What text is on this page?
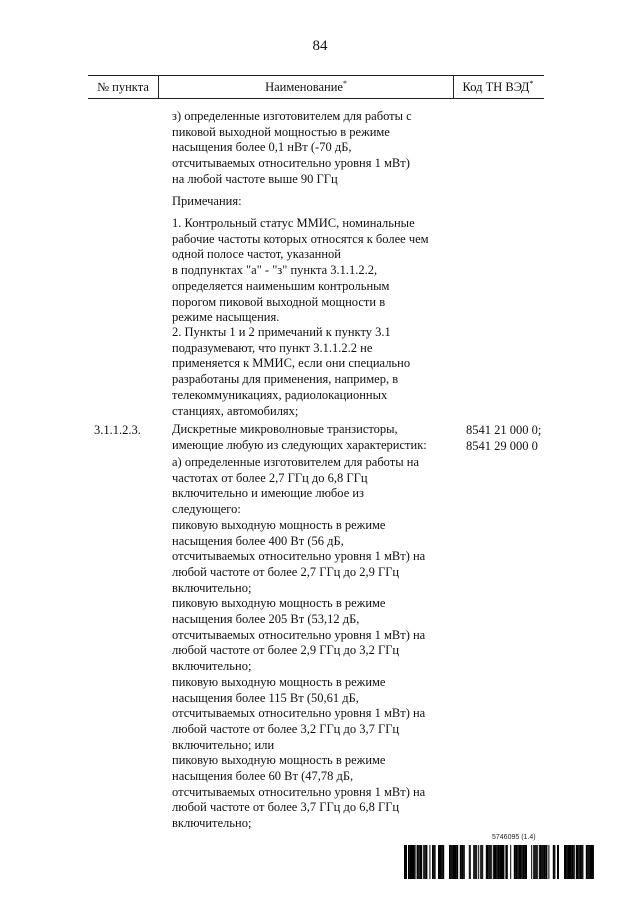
84
№ пункта	Наименование*	Код ТН ВЭД*
з) определенные изготовителем для работы с
пиковой выходной мощностью в режиме
насыщения более 0,1 нВт (-70 дБ,
отсчитываемых относительно уровня 1 мВт)
на любой частоте выше 90 ГГц
Примечания:
1. Контрольный статус ММИС, номинальные
рабочие частоты которых относятся к более чем
одной полосе частот, указанной
в подпунктах "а" - "з" пункта 3.1.1.2.2,
определяется наименьшим контрольным
порогом пиковой выходной мощности в
режиме насыщения.
2. Пункты 1 и 2 примечаний к пункту 3.1
подразумевают, что пункт 3.1.1.2.2 не
применяется к ММИС, если они специально
разработаны для применения, например, в
телекоммуникациях, радиолокационных
станциях, автомобилях;
3.1.1.2.3. Дискретные микроволновые транзисторы,
имеющие любую из следующих характеристик:
8541 21 000 0;
8541 29 000 0
а) определенные изготовителем для работы на
частотах от более 2,7 ГГц до 6,8 ГГц
включительно и имеющие любое из
следующего:
пиковую выходную мощность в режиме
насыщения более 400 Вт (56 дБ,
отсчитываемых относительно уровня 1 мВт) на
любой частоте от более 2,7 ГГц до 2,9 ГГц
включительно;
пиковую выходную мощность в режиме
насыщения более 205 Вт (53,12 дБ,
отсчитываемых относительно уровня 1 мВт) на
любой частоте от более 2,9 ГГц до 3,2 ГГц
включительно;
пиковую выходную мощность в режиме
насыщения более 115 Вт (50,61 дБ,
отсчитываемых относительно уровня 1 мВт) на
любой частоте от более 3,2 ГГц до 3,7 ГГц
включительно; или
пиковую выходную мощность в режиме
насыщения более 60 Вт (47,78 дБ,
отсчитываемых относительно уровня 1 мВт) на
любой частоте от более 3,7 ГГц до 6,8 ГГц
включительно;
5746095 (1.4)
